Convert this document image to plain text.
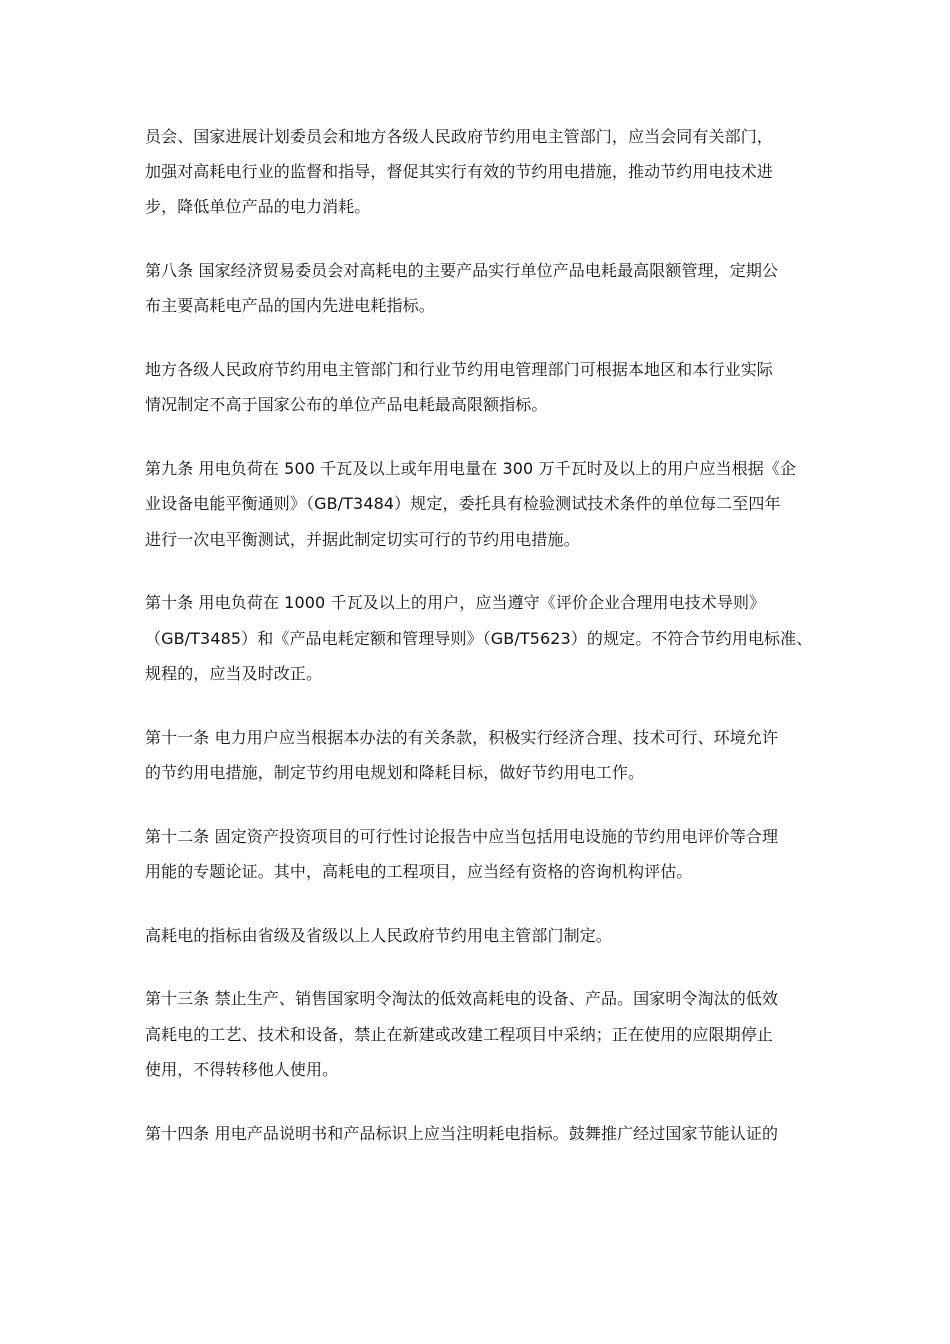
员会、国家进展计划委员会和地方各级人民政府节约用电主管部门，应当会同有关部门，
加强对高耗电行业的监督和指导，督促其实行有效的节约用电措施，推动节约用电技术进
步，降低单位产品的电力消耗。

第八条 国家经济贸易委员会对高耗电的主要产品实行单位产品电耗最高限额管理，定期公
布主要高耗电产品的国内先进电耗指标。

地方各级人民政府节约用电主管部门和行业节约用电管理部门可根据本地区和本行业实际
情况制定不高于国家公布的单位产品电耗最高限额指标。

第九条 用电负荷在 500 千瓦及以上或年用电量在 300 万千瓦时及以上的用户应当根据《企
业设备电能平衡通则》（GB/T3484）规定，委托具有检验测试技术条件的单位每二至四年
进行一次电平衡测试，并据此制定切实可行的节约用电措施。

第十条 用电负荷在 1000 千瓦及以上的用户，应当遵守《评价企业合理用电技术导则》
（GB/T3485）和《产品电耗定额和管理导则》（GB/T5623）的规定。不符合节约用电标准、
规程的，应当及时改正。

第十一条 电力用户应当根据本办法的有关条款，积极实行经济合理、技术可行、环境允许
的节约用电措施，制定节约用电规划和降耗目标，做好节约用电工作。

第十二条 固定资产投资项目的可行性讨论报告中应当包括用电设施的节约用电评价等合理
用能的专题论证。其中，高耗电的工程项目，应当经有资格的咨询机构评估。

高耗电的指标由省级及省级以上人民政府节约用电主管部门制定。

第十三条 禁止生产、销售国家明令淘汰的低效高耗电的设备、产品。国家明令淘汰的低效
高耗电的工艺、技术和设备，禁止在新建或改建工程项目中采纳；正在使用的应限期停止
使用，不得转移他人使用。

第十四条 用电产品说明书和产品标识上应当注明耗电指标。鼓舞推广经过国家节能认证的
